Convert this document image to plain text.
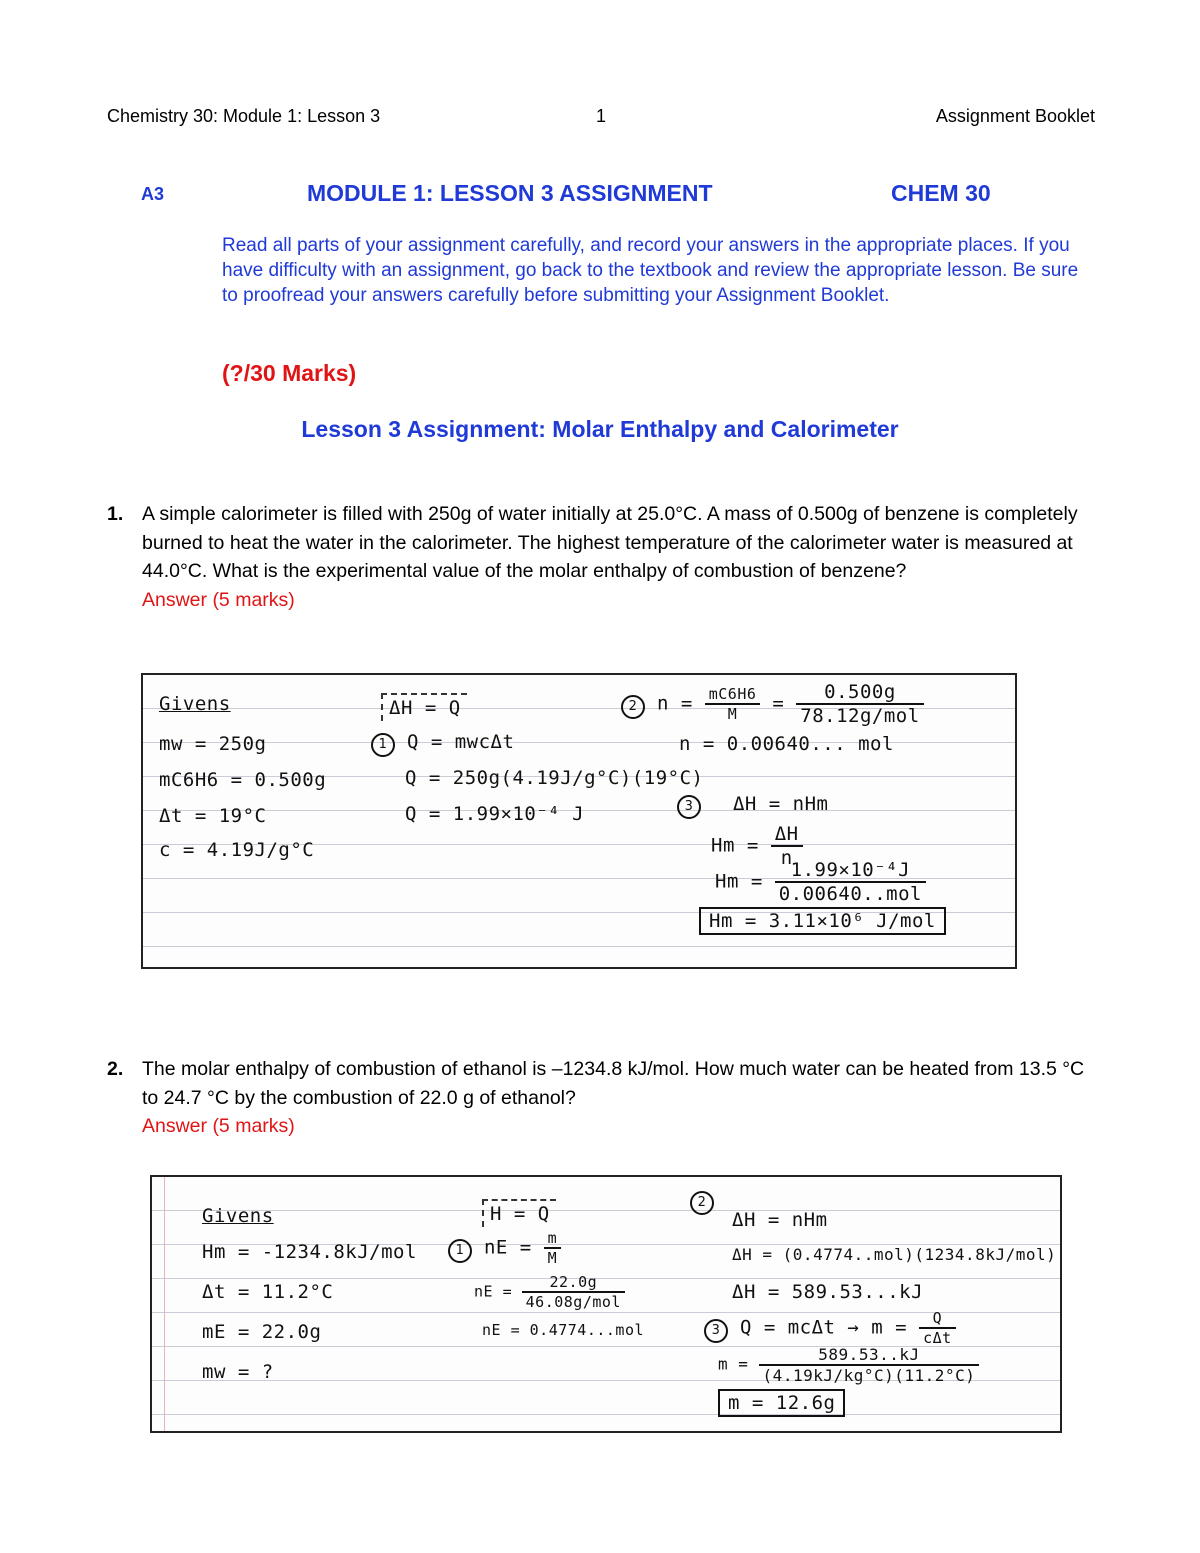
Chemistry 30: Module 1: Lesson 3	1	Assignment Booklet
A3	MODULE 1: LESSON 3 ASSIGNMENT	CHEM 30
Read all parts of your assignment carefully, and record your answers in the appropriate places. If you have difficulty with an assignment, go back to the textbook and review the appropriate lesson. Be sure to proofread your answers carefully before submitting your Assignment Booklet.
(?/30 Marks)
Lesson 3 Assignment: Molar Enthalpy and Calorimeter
1. A simple calorimeter is filled with 250g of water initially at 25.0°C. A mass of 0.500g of benzene is completely burned to heat the water in the calorimeter. The highest temperature of the calorimeter water is measured at 44.0°C. What is the experimental value of the molar enthalpy of combustion of benzene?
Answer (5 marks)
Givens
mw = 250g
mC6H6 = 0.500g
Δt = 19°C
c = 4.19J/g°C
ΔH = Q
1 Q = mwcΔt
Q = 250g(4.19J/g°C)(19°C)
Q = 1.99×10⁻⁴ J
2 $n = \frac{mC6H6}{M} = \frac{0.500g}{\text{78.12g/mol}}$
n = 0.00640... mol
3 ΔH = nHm
$Hm = \frac{\Delta H}{n}$
$Hm = \frac{\text{1.99×10⁻⁴J}}{\text{0.00640..mol}}$
Hm = 3.11×10⁶ J/mol
2. The molar enthalpy of combustion of ethanol is –1234.8 kJ/mol. How much water can be heated from 13.5 °C to 24.7 °C by the combustion of 22.0 g of ethanol?
Answer (5 marks)
Givens
Hm = -1234.8kJ/mol
Δt = 11.2°C
mE = 22.0g
mw = ?
H = Q
1 nE = $\frac{m}{M}$
nE = $\frac{22.0g}{\text{46.08g/mol}}$
nE = 0.4774...mol
2
ΔH = nHm
ΔH = (0.4774..mol)(1234.8kJ/mol)
ΔH = 589.53...kJ
3 $Q = mc\Delta t \to m = \frac{Q}{\text{cΔt}}$
$m = \frac{589.53..kJ}{(4.19kJ/kg^\circ C)(11.2^\circ C)}$
m = 12.6g
